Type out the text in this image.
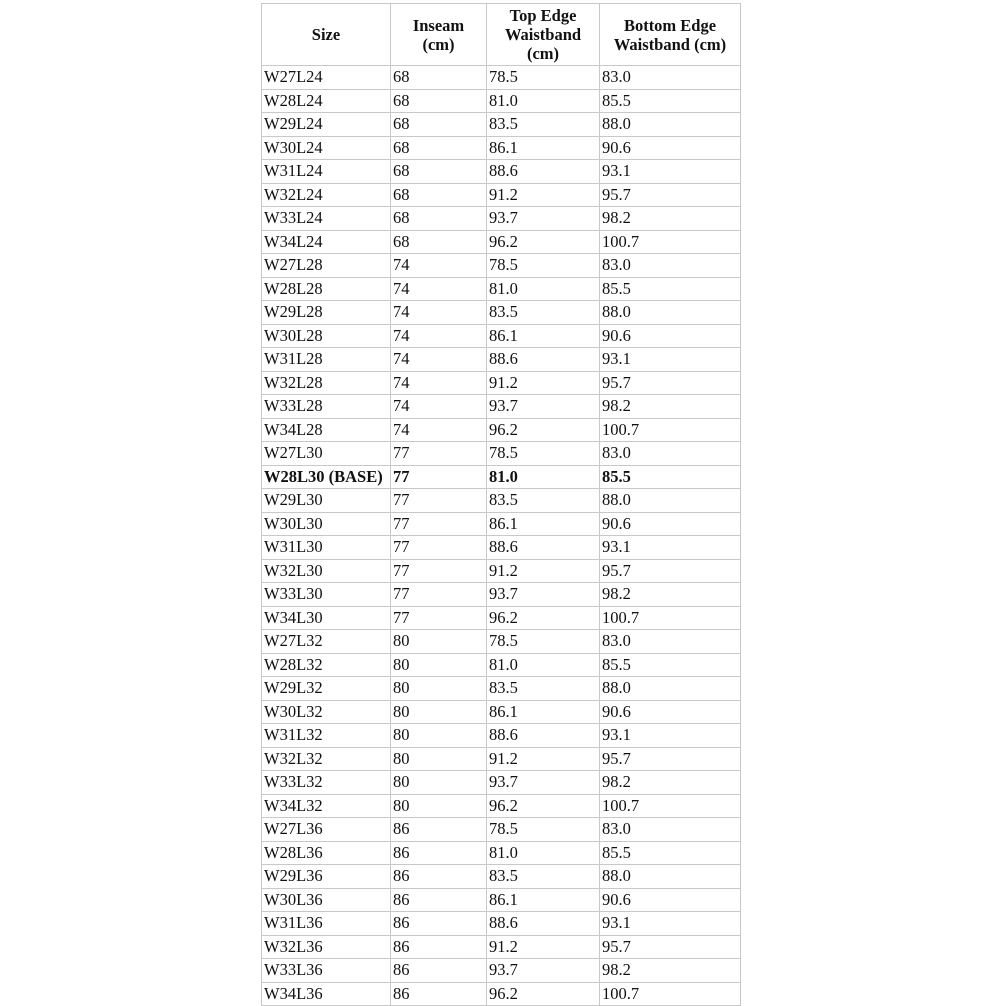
Size	Inseam (cm)	Top Edge Waistband (cm)	Bottom Edge Waistband (cm)
W27L24	68	78.5	83.0
W28L24	68	81.0	85.5
W29L24	68	83.5	88.0
W30L24	68	86.1	90.6
W31L24	68	88.6	93.1
W32L24	68	91.2	95.7
W33L24	68	93.7	98.2
W34L24	68	96.2	100.7
W27L28	74	78.5	83.0
W28L28	74	81.0	85.5
W29L28	74	83.5	88.0
W30L28	74	86.1	90.6
W31L28	74	88.6	93.1
W32L28	74	91.2	95.7
W33L28	74	93.7	98.2
W34L28	74	96.2	100.7
W27L30	77	78.5	83.0
W28L30 (BASE)	77	81.0	85.5
W29L30	77	83.5	88.0
W30L30	77	86.1	90.6
W31L30	77	88.6	93.1
W32L30	77	91.2	95.7
W33L30	77	93.7	98.2
W34L30	77	96.2	100.7
W27L32	80	78.5	83.0
W28L32	80	81.0	85.5
W29L32	80	83.5	88.0
W30L32	80	86.1	90.6
W31L32	80	88.6	93.1
W32L32	80	91.2	95.7
W33L32	80	93.7	98.2
W34L32	80	96.2	100.7
W27L36	86	78.5	83.0
W28L36	86	81.0	85.5
W29L36	86	83.5	88.0
W30L36	86	86.1	90.6
W31L36	86	88.6	93.1
W32L36	86	91.2	95.7
W33L36	86	93.7	98.2
W34L36	86	96.2	100.7
